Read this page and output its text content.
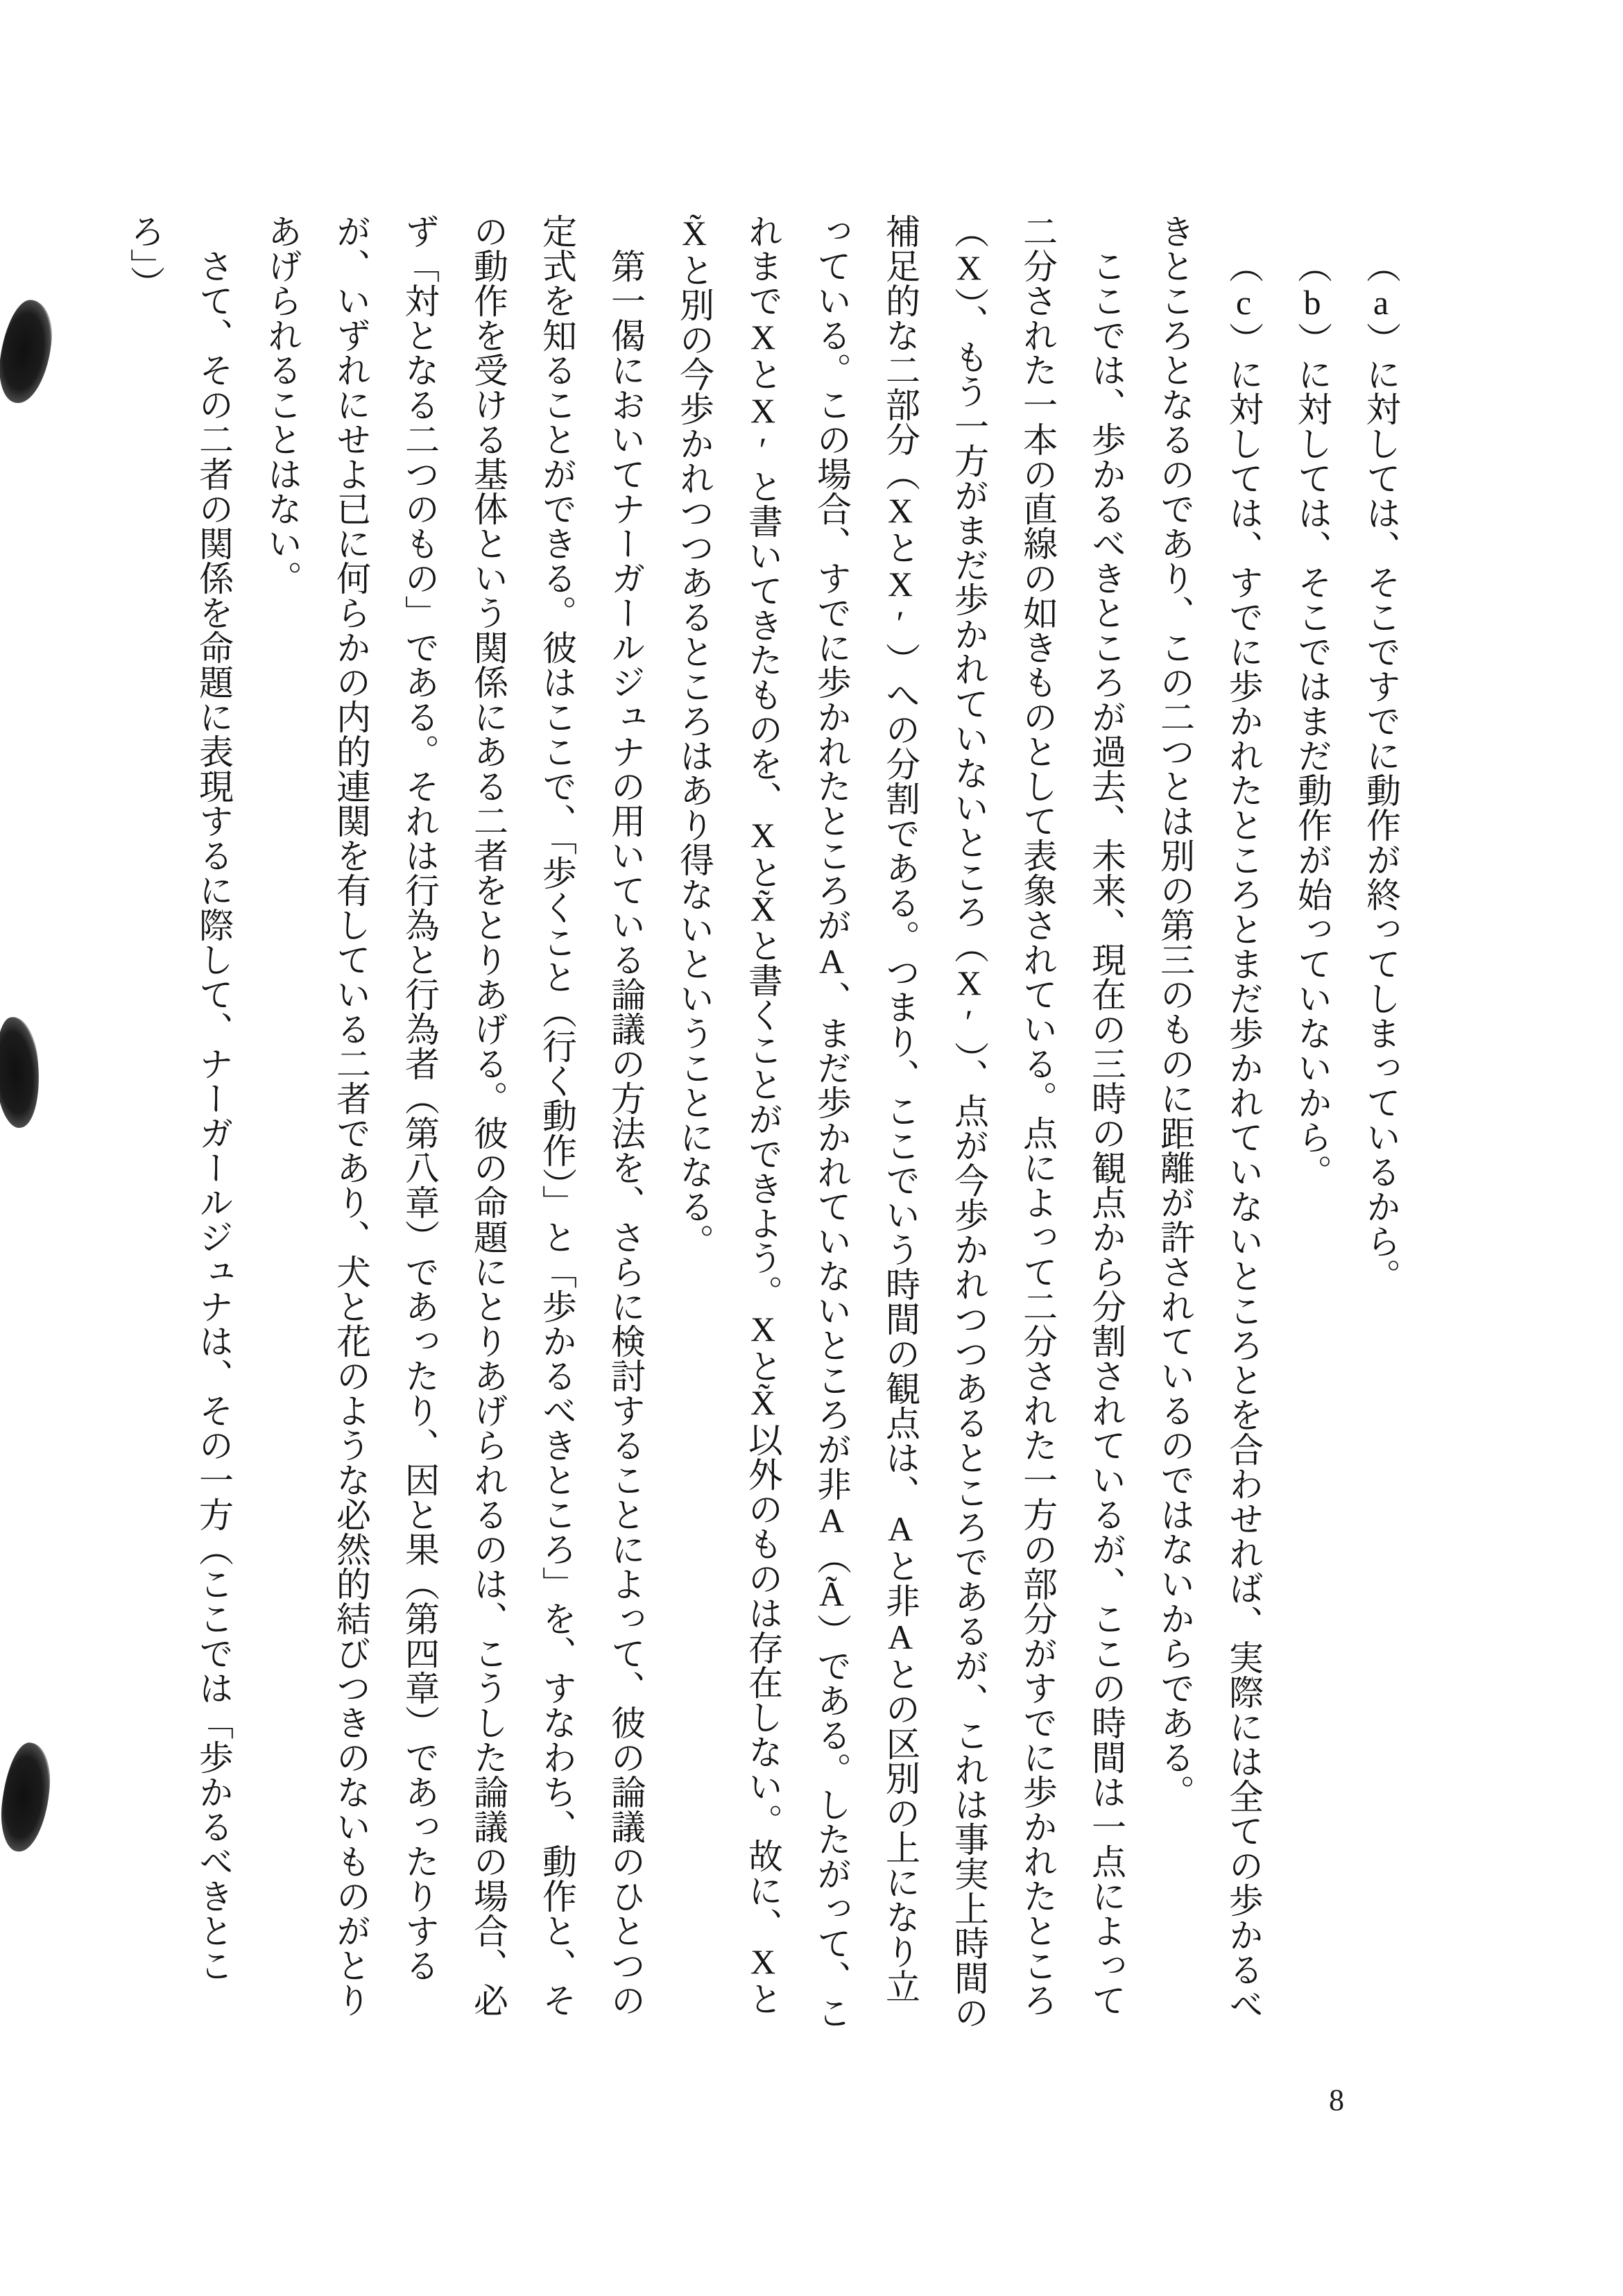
（a）に対しては、そこですでに動作が終ってしまっているから。

（b）に対しては、そこではまだ動作が始っていないから。

（c）に対しては、すでに歩かれたところとまだ歩かれていないところとを合わせれば、実際には全ての歩かるべきところとなるのであり、この二つとは別の第三のものに距離が許されているのではないからである。

ここでは、歩かるべきところが過去、未来、現在の三時の観点から分割されているが、ここの時間は一点によって二分された一本の直線の如きものとして表象されている。点によって二分された一方の部分がすでに歩かれたところ（X）、もう一方がまだ歩かれていないところ（X′）、点が今歩かれつつあるところであるが、これは事実上時間の補足的な二部分（XとX′）への分割である。つまり、ここでいう時間の観点は、Aと非Aとの区別の上になり立っている。この場合、すでに歩かれたところがA、まだ歩かれていないところが非A（Ã）である。したがって、これまでXとX′と書いてきたものを、XとX̃と書くことができよう。XとX̃以外のものは存在しない。故に、XとX̃と別の今歩かれつつあるところはあり得ないということになる。

第一偈においてナーガールジュナの用いている論議の方法を、さらに検討することによって、彼の論議のひとつの定式を知ることができる。彼はここで、「歩くこと（行く動作）」と「歩かるべきところ」を、すなわち、動作と、その動作を受ける基体という関係にある二者をとりあげる。彼の命題にとりあげられるのは、こうした論議の場合、必ず「対となる二つのもの」である。それは行為と行為者（第八章）であったり、因と果（第四章）であったりするが、いずれにせよ已に何らかの内的連関を有している二者であり、犬と花のような必然的結びつきのないものがとりあげられることはない。

さて、その二者の関係を命題に表現するに際して、ナーガールジュナは、その一方（ここでは「歩かるべきところ」）

8
